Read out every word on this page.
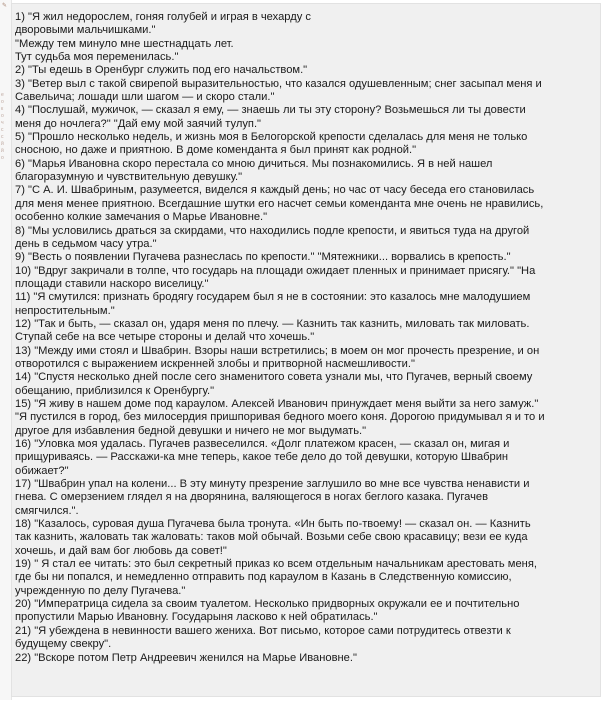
е
о
к
о
ч
с
с
й
й
о
✎
1) "Я жил недорослем, гоняя голубей и играя в чехарду с
дворовыми мальчишками."
"Между тем минуло мне шестнадцать лет.
Тут судьба моя переменилась."
2) "Ты едешь в Оренбург служить под его начальством."
3) "Ветер выл с такой свирепой выразительностью, что казался одушевленным; снег засыпал меня и
Савельича; лошади шли шагом — и скоро стали."
4) "Послушай, мужичок, — сказал я ему, — знаешь ли ты эту сторону? Возьмешься ли ты довести
меня до ночлега?" "Дай ему мой заячий тулуп."
5) "Прошло несколько недель, и жизнь моя в Белогорской крепости сделалась для меня не только
сносною, но даже и приятною. В доме коменданта я был принят как родной."
6) "Марья Ивановна скоро перестала со мною дичиться. Мы познакомились. Я в ней нашел
благоразумную и чувствительную девушку."
7) "С А. И. Швабриным, разумеется, виделся я каждый день; но час от часу беседа его становилась
для меня менее приятною. Всегдашние шутки его насчет семьи коменданта мне очень не нравились,
особенно колкие замечания о Марье Ивановне."
8) "Мы условились драться за скирдами, что находились подле крепости, и явиться туда на другой
день в седьмом часу утра."
9) "Весть о появлении Пугачева разнеслась по крепости." "Мятежники... ворвались в крепость."
10) "Вдруг закричали в толпе, что государь на площади ожидает пленных и принимает присягу." "На
площади ставили наскоро виселицу."
11) "Я смутился: признать бродягу государем был я не в состоянии: это казалось мне малодушием
непростительным."
12) "Так и быть, — сказал он, ударя меня по плечу. — Казнить так казнить, миловать так миловать.
Ступай себе на все четыре стороны и делай что хочешь."
13) "Между ими стоял и Швабрин. Взоры наши встретились; в моем он мог прочесть презрение, и он
отворотился с выражением искренней злобы и притворной насмешливости."
14) "Спустя несколько дней после сего знаменитого совета узнали мы, что Пугачев, верный своему
обещанию, приблизился к Оренбургу."
15) "Я живу в нашем доме под караулом. Алексей Иванович принуждает меня выйти за него замуж."
"Я пустился в город, без милосердия пришпоривая бедного моего коня. Дорогою придумывал я и то и
другое для избавления бедной девушки и ничего не мог выдумать."
16) "Уловка моя удалась. Пугачев развеселился. «Долг платежом красен, — сказал он, мигая и
прищуриваясь. — Расскажи-ка мне теперь, какое тебе дело до той девушки, которую Швабрин
обижает?"
17) "Швабрин упал на колени... В эту минуту презрение заглушило во мне все чувства ненависти и
гнева. С омерзением глядел я на дворянина, валяющегося в ногах беглого казака. Пугачев
смягчился.".
18) "Казалось, суровая душа Пугачева была тронута. «Ин быть по-твоему! — сказал он. — Казнить
так казнить, жаловать так жаловать: таков мой обычай. Возьми себе свою красавицу; вези ее куда
хочешь, и дай вам бог любовь да совет!"
19) " Я стал ее читать: это был секретный приказ ко всем отдельным начальникам арестовать меня,
где бы ни попался, и немедленно отправить под караулом в Казань в Следственную комиссию,
учрежденную по делу Пугачева."
20) "Императрица сидела за своим туалетом. Несколько придворных окружали ее и почтительно
пропустили Марью Ивановну. Государыня ласково к ней обратилась."
21) "Я убеждена в невинности вашего жениха. Вот письмо, которое сами потрудитесь отвезти к
будущему свекру".
22) "Вскоре потом Петр Андреевич женился на Марье Ивановне."
